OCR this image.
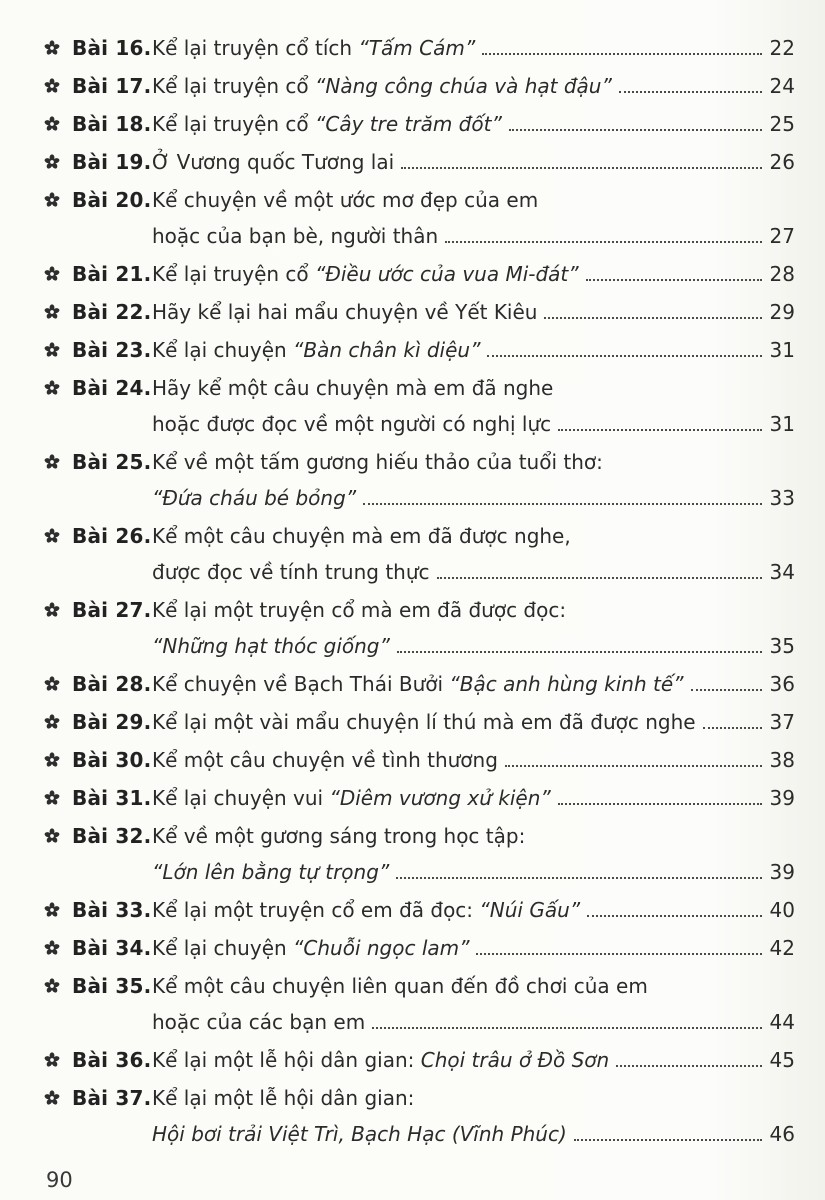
Bài 16. Kể lại truyện cổ tích “Tấm Cám”	22
Bài 17. Kể lại truyện cổ “Nàng công chúa và hạt đậu”	24
Bài 18. Kể lại truyện cổ “Cây tre trăm đốt”	25
Bài 19. Ở Vương quốc Tương lai	26
Bài 20. Kể chuyện về một ước mơ đẹp của em
hoặc của bạn bè, người thân	27
Bài 21. Kể lại truyện cổ “Điều ước của vua Mi-đát”	28
Bài 22. Hãy kể lại hai mẩu chuyện về Yết Kiêu	29
Bài 23. Kể lại chuyện “Bàn chân kì diệu”	31
Bài 24. Hãy kể một câu chuyện mà em đã nghe
hoặc được đọc về một người có nghị lực	31
Bài 25. Kể về một tấm gương hiếu thảo của tuổi thơ:
“Đứa cháu bé bỏng”	33
Bài 26. Kể một câu chuyện mà em đã được nghe,
được đọc về tính trung thực	34
Bài 27. Kể lại một truyện cổ mà em đã được đọc:
“Những hạt thóc giống”	35
Bài 28. Kể chuyện về Bạch Thái Bưởi “Bậc anh hùng kinh tế”	36
Bài 29. Kể lại một vài mẩu chuyện lí thú mà em đã được nghe	37
Bài 30. Kể một câu chuyện về tình thương	38
Bài 31. Kể lại chuyện vui “Diêm vương xử kiện”	39
Bài 32. Kể về một gương sáng trong học tập:
“Lớn lên bằng tự trọng”	39
Bài 33. Kể lại một truyện cổ em đã đọc: “Núi Gấu”	40
Bài 34. Kể lại chuyện “Chuỗi ngọc lam”	42
Bài 35. Kể một câu chuyện liên quan đến đồ chơi của em
hoặc của các bạn em	44
Bài 36. Kể lại một lễ hội dân gian: Chọi trâu ở Đồ Sơn	45
Bài 37. Kể lại một lễ hội dân gian:
Hội bơi trải Việt Trì, Bạch Hạc (Vĩnh Phúc)	46
90
